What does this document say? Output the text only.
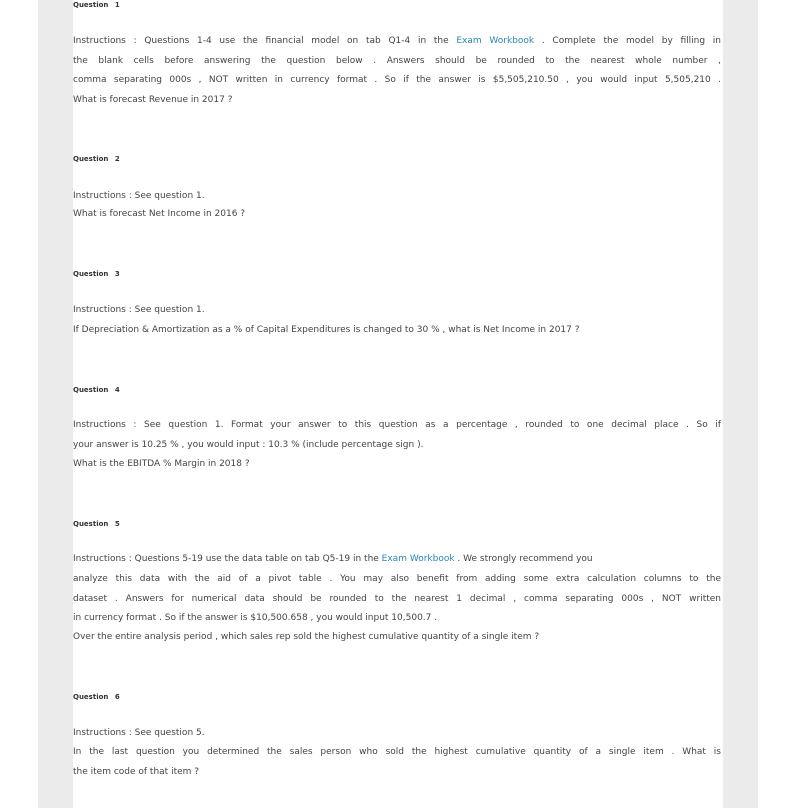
Question 1
Instructions : Questions 1-4 use the financial model on tab Q1-4 in the Exam Workbook . Complete the model by filling in
the blank cells before answering the question below . Answers should be rounded to the nearest whole number ,
comma separating 000s , NOT written in currency format . So if the answer is $5,505,210.50 , you would input 5,505,210 .
What is forecast Revenue in 2017 ?
Question 2
Instructions : See question 1.
What is forecast Net Income in 2016 ?
Question 3
Instructions : See question 1.
If Depreciation & Amortization as a % of Capital Expenditures is changed to 30 % , what is Net Income in 2017 ?
Question 4
Instructions : See question 1. Format your answer to this question as a percentage , rounded to one decimal place . So if
your answer is 10.25 % , you would input : 10.3 % (include percentage sign ).
What is the EBITDA % Margin in 2018 ?
Question 5
Instructions : Questions 5-19 use the data table on tab Q5-19 in the Exam Workbook . We strongly recommend you
analyze this data with the aid of a pivot table . You may also benefit from adding some extra calculation columns to the
dataset . Answers for numerical data should be rounded to the nearest 1 decimal , comma separating 000s , NOT written
in currency format . So if the answer is $10,500.658 , you would input 10,500.7 .
Over the entire analysis period , which sales rep sold the highest cumulative quantity of a single item ?
Question 6
Instructions : See question 5.
In the last question you determined the sales person who sold the highest cumulative quantity of a single item . What is
the item code of that item ?
